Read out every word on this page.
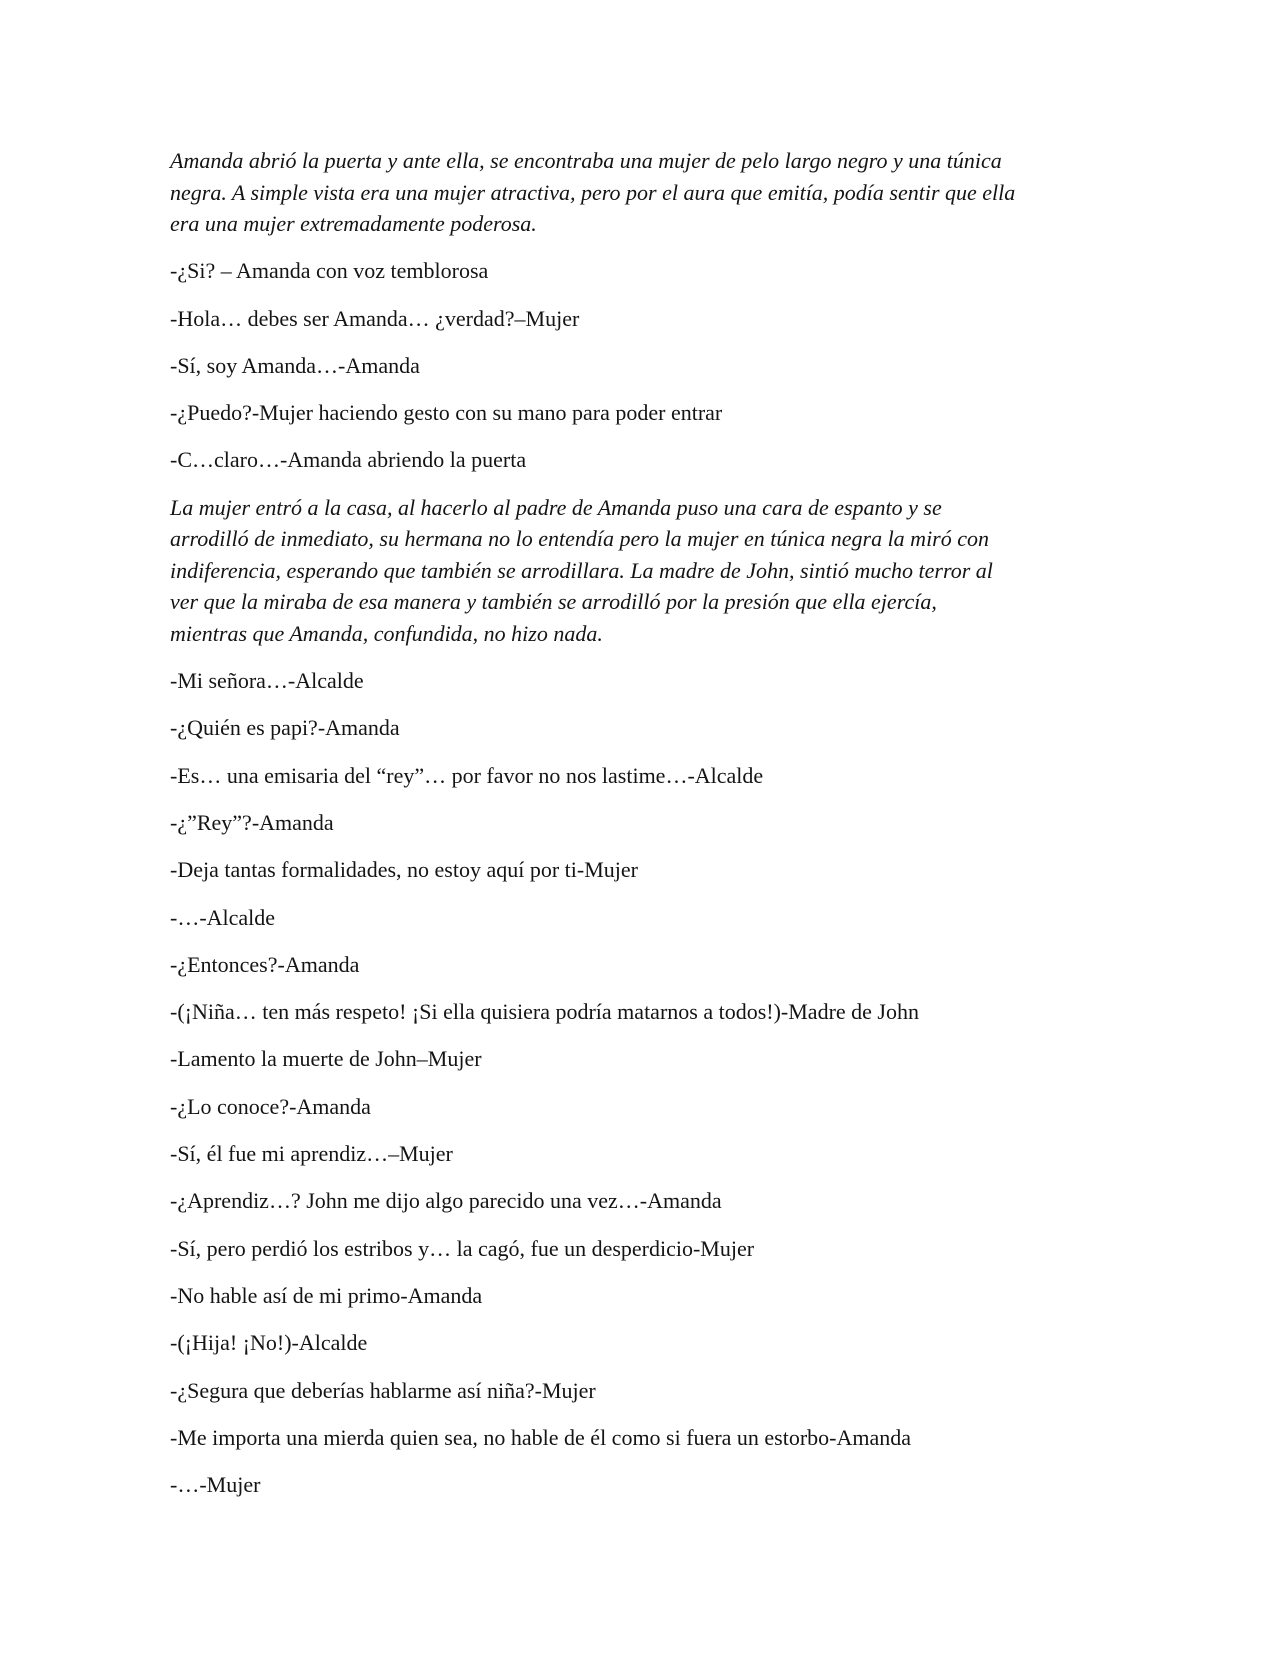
Amanda abrió la puerta y ante ella, se encontraba una mujer de pelo largo negro y una túnica negra. A simple vista era una mujer atractiva, pero por el aura que emitía, podía sentir que ella era una mujer extremadamente poderosa.

-¿Si? – Amanda con voz temblorosa

-Hola… debes ser Amanda… ¿verdad?–Mujer

-Sí, soy Amanda…-Amanda

-¿Puedo?-Mujer haciendo gesto con su mano para poder entrar

-C…claro…-Amanda abriendo la puerta

La mujer entró a la casa, al hacerlo al padre de Amanda puso una cara de espanto y se arrodilló de inmediato, su hermana no lo entendía pero la mujer en túnica negra la miró con indiferencia, esperando que también se arrodillara. La madre de John, sintió mucho terror al ver que la miraba de esa manera y también se arrodilló por la presión que ella ejercía, mientras que Amanda, confundida, no hizo nada.

-Mi señora…-Alcalde

-¿Quién es papi?-Amanda

-Es… una emisaria del “rey”… por favor no nos lastime…-Alcalde

-¿”Rey”?-Amanda

-Deja tantas formalidades, no estoy aquí por ti-Mujer

-…-Alcalde

-¿Entonces?-Amanda

-(¡Niña… ten más respeto! ¡Si ella quisiera podría matarnos a todos!)-Madre de John

-Lamento la muerte de John–Mujer

-¿Lo conoce?-Amanda

-Sí, él fue mi aprendiz…–Mujer

-¿Aprendiz…? John me dijo algo parecido una vez…-Amanda

-Sí, pero perdió los estribos y… la cagó, fue un desperdicio-Mujer

-No hable así de mi primo-Amanda

-(¡Hija! ¡No!)-Alcalde

-¿Segura que deberías hablarme así niña?-Mujer

-Me importa una mierda quien sea, no hable de él como si fuera un estorbo-Amanda

-…-Mujer
